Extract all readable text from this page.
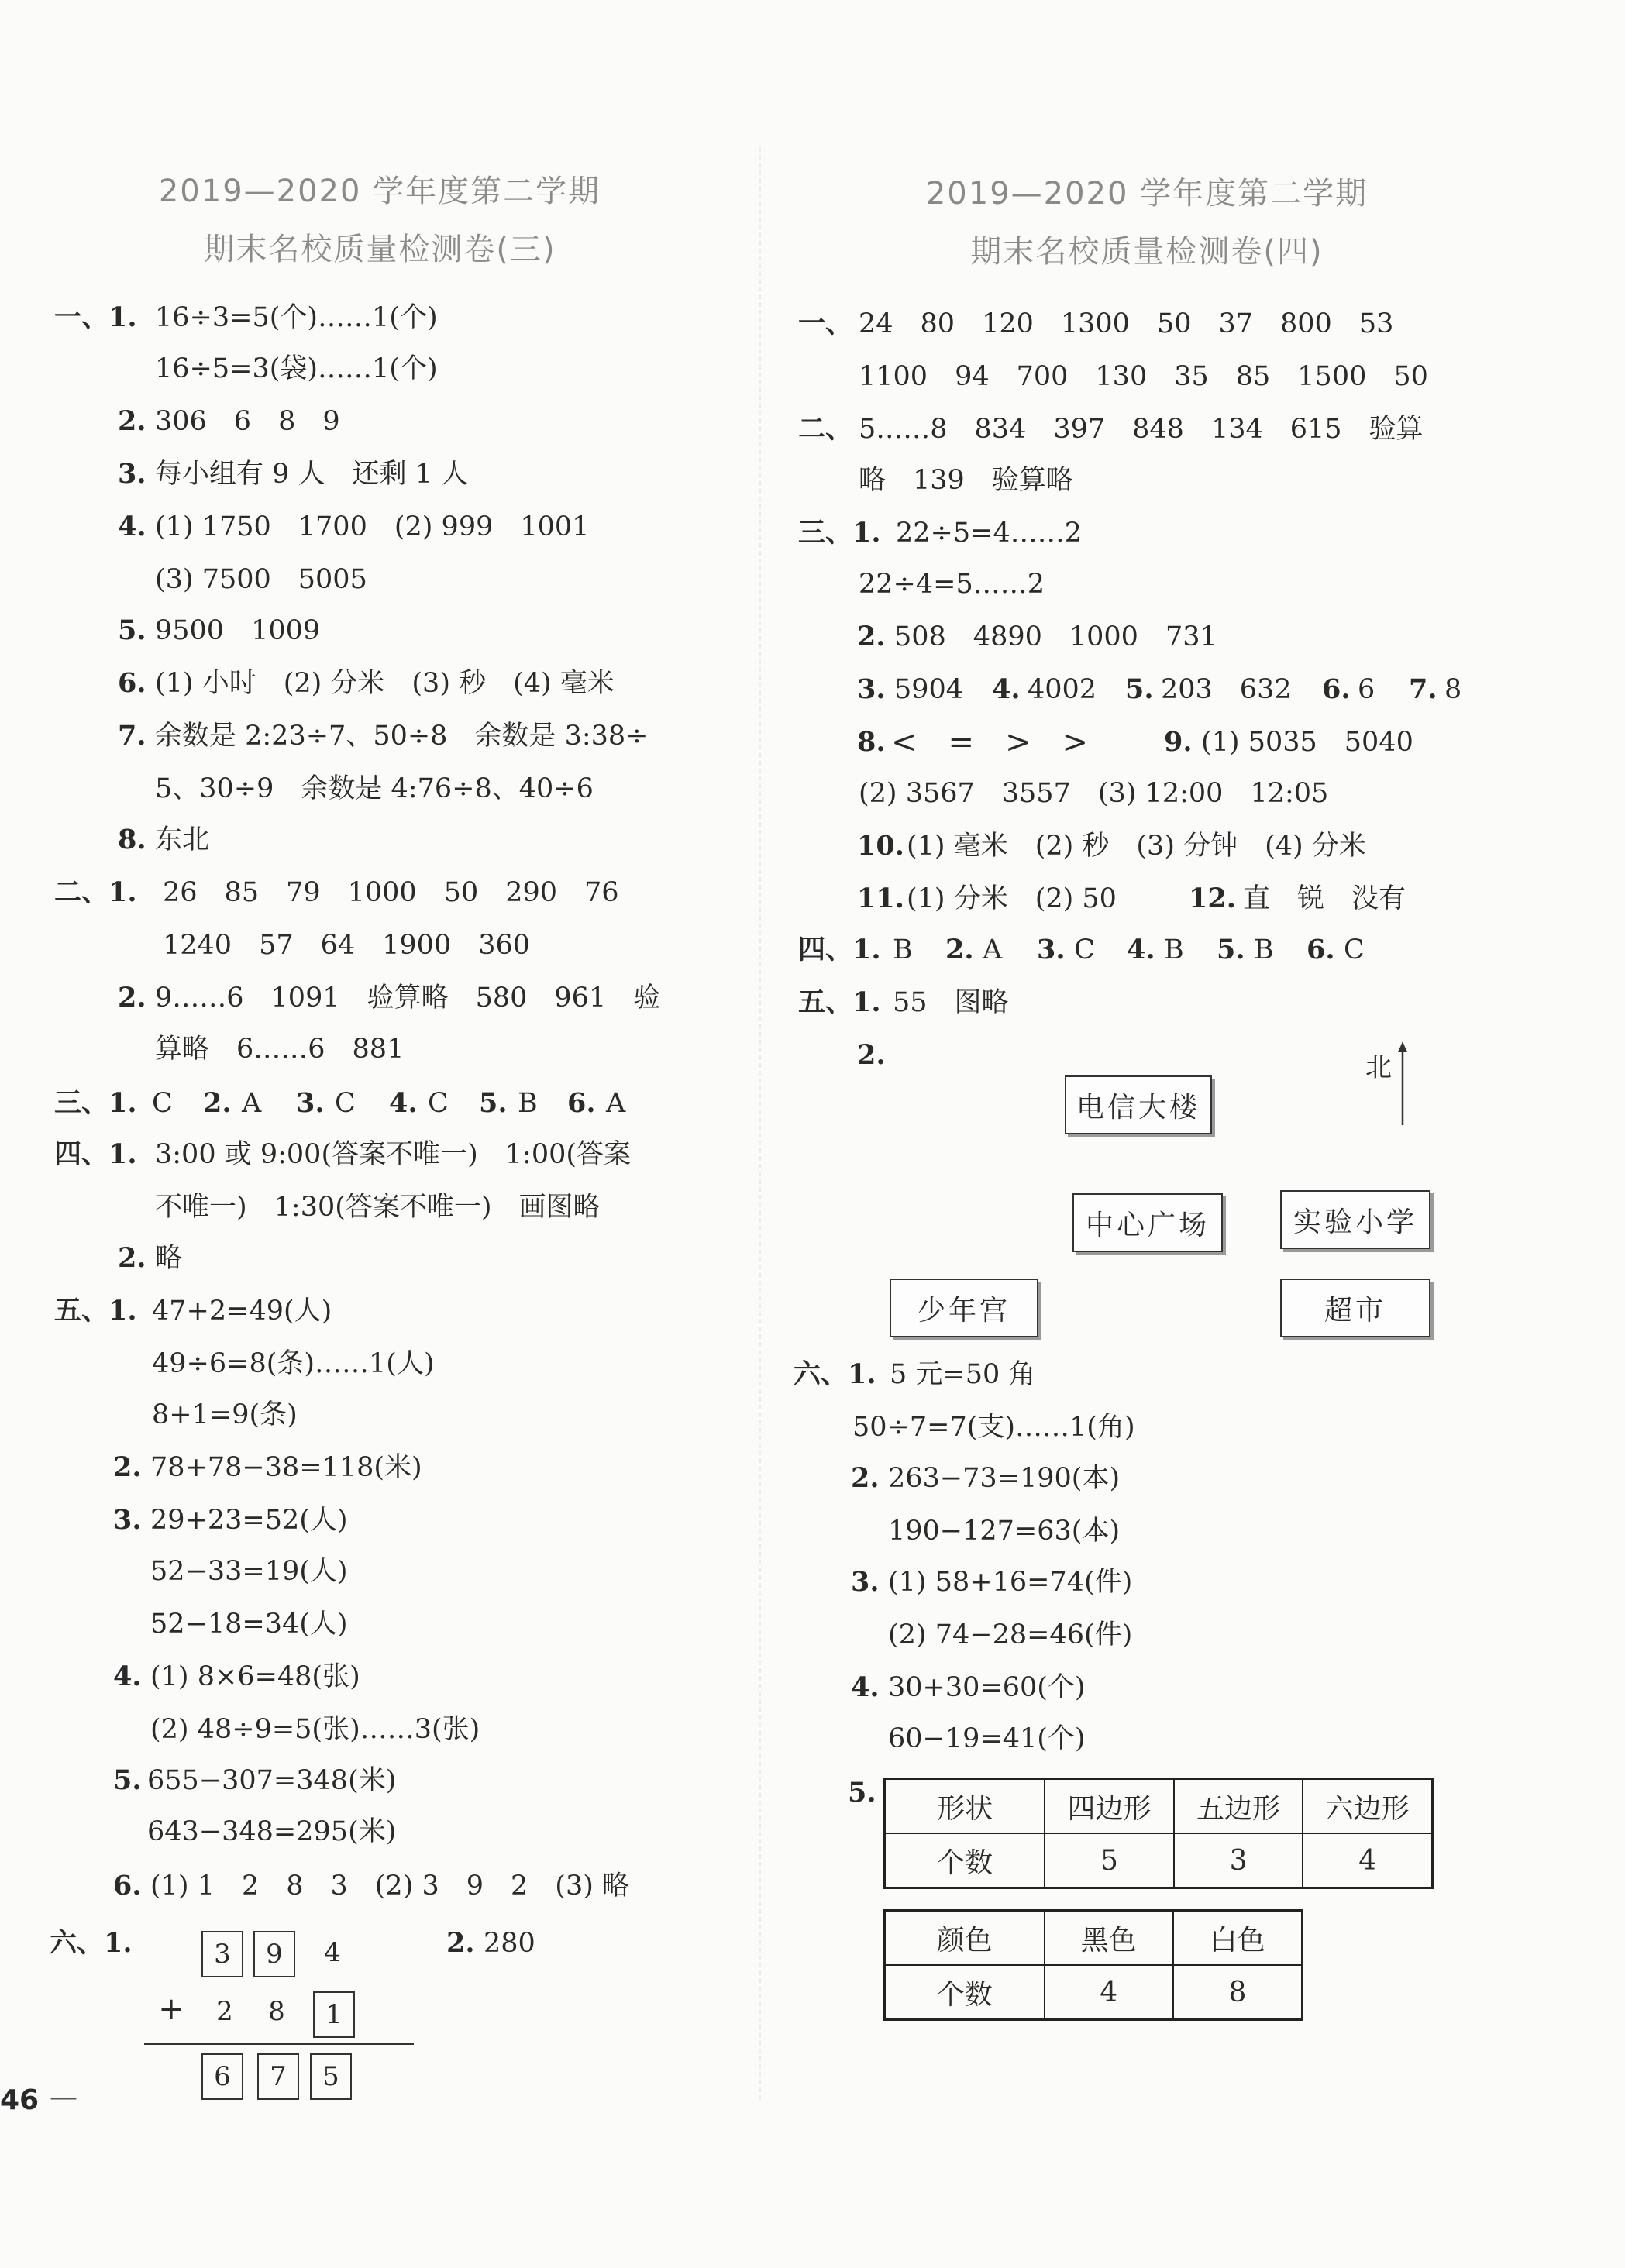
2019—2020 学年度第二学期
期末名校质量检测卷(三)
一、1. 16÷3=5(个)……1(个)
16÷5=3(袋)……1(个)
2. 306　6　8　9
3. 每小组有 9 人　还剩 1 人
4. (1) 1750　1700　(2) 999　1001
(3) 7500　5005
5. 9500　1009
6. (1) 小时　(2) 分米　(3) 秒　(4) 毫米
7. 余数是 2:23÷7、50÷8　余数是 3:38÷
5、30÷9　余数是 4:76÷8、40÷6
8. 东北
二、1. 26　85　79　1000　50　290　76
1240　57　64　1900　360
2. 9……6　1091　验算略　580　961　验
算略　6……6　881
三、1. C 2. A 3. C 4. C 5. B 6. A
四、1. 3:00 或 9:00(答案不唯一)　1:00(答案
不唯一)　1:30(答案不唯一)　画图略
2. 略
五、1. 47+2=49(人)
49÷6=8(条)……1(人)
8+1=9(条)
2. 78+78−38=118(米)
3. 29+23=52(人)
52−33=19(人)
52−18=34(人)
4. (1) 8×6=48(张)
(2) 48÷9=5(张)……3(张)
5. 655−307=348(米)
643−348=295(米)
6. (1) 1　2　8　3　(2) 3　9　2　(3) 略
六、1.	3	9	4
+	2	8	1
6	7	5
2. 280
2019—2020 学年度第二学期
期末名校质量检测卷(四)
一、 24　80　120　1300　50　37　800　53
1100　94　700　130　35　85　1500　50
二、 5……8　834　397　848　134　615　验算
略　139　验算略
三、1. 22÷5=4……2
22÷4=5……2
2. 508　4890　1000　731
3. 5904 4. 4002 5. 203　632 6. 6 7. 8
8. <　=　>　>	9. (1) 5035　5040
(2) 3567　3557　(3) 12:00　12:05
10. (1) 毫米　(2) 秒　(3) 分钟　(4) 分米
11. (1) 分米　(2) 50	12. 直　锐　没有
四、1. B 2. A 3. C 4. B 5. B 6. C
五、1. 55　图略
2.	北
电信大楼
中心广场	实验小学
少年宫	超市
六、1. 5 元=50 角
50÷7=7(支)……1(角)
2. 263−73=190(本)
190−127=63(本)
3. (1) 58+16=74(件)
(2) 74−28=46(件)
4. 30+30=60(个)
60−19=41(个)
5. 形状	四边形	五边形	六边形
个数	5	3	4
颜色	黑色	白色
个数	4	8
46 —
